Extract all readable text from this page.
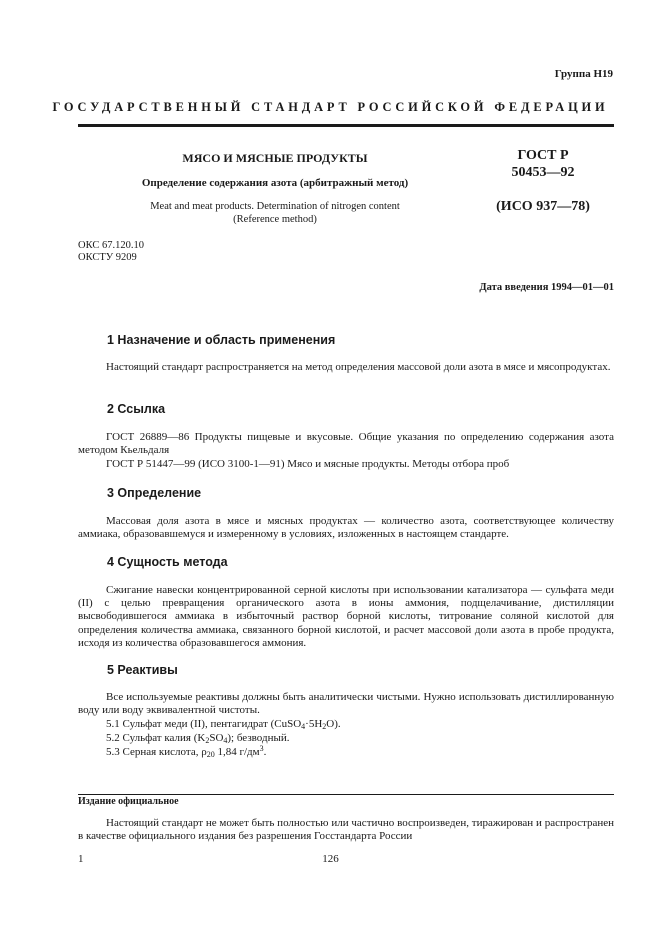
Группа Н19
ГОСУДАРСТВЕННЫЙ СТАНДАРТ РОССИЙСКОЙ ФЕДЕРАЦИИ
МЯСО И МЯСНЫЕ ПРОДУКТЫ
Определение содержания азота (арбитражный метод)
Meat and meat products. Determination of nitrogen content
(Reference method)
ГОСТ Р
50453—92
(ИСО 937—78)
ОКС 67.120.10
ОКСТУ 9209
Дата введения 1994—01—01
1 Назначение и область применения

Настоящий стандарт распространяется на метод определения массовой доли азота в мясе и мясопродуктах.

2 Ссылка

ГОСТ 26889—86 Продукты пищевые и вкусовые. Общие указания по определению содержания азота методом Кьельдаля

ГОСТ Р 51447—99 (ИСО 3100-1—91) Мясо и мясные продукты. Методы отбора проб
3 Определение

Массовая доля азота в мясе и мясных продуктах — количество азота, соответствующее количеству аммиака, образовавшемуся и измеренному в условиях, изложенных в настоящем стандарте.

4 Сущность метода

Сжигание навески концентрированной серной кислоты при использовании катализатора — сульфата меди (II) с целью превращения органического азота в ионы аммония, подщелачивание, дистилляции высвободившегося аммиака в избыточный раствор борной кислоты, титрование соляной кислотой для определения количества аммиака, связанного борной кислотой, и расчет массовой доли азота в пробе продукта, исходя из количества образовавшегося аммония.

5 Реактивы

Все используемые реактивы должны быть аналитически чистыми. Нужно использовать дистиллированную воду или воду эквивалентной чистоты.

5.1 Сульфат меди (II), пентагидрат $(CuSO_4\cdot 5H_2O)$.
5.2 Сульфат калия $(K_2SO_4)$; безводный.
5.3 Серная кислота, $\rho_{20}$ 1,84 $г/дм^3$.
Издание официальное

Настоящий стандарт не может быть полностью или частично воспроизведен, тиражирован и распространен в качестве официального издания без разрешения Госстандарта России

1	126
